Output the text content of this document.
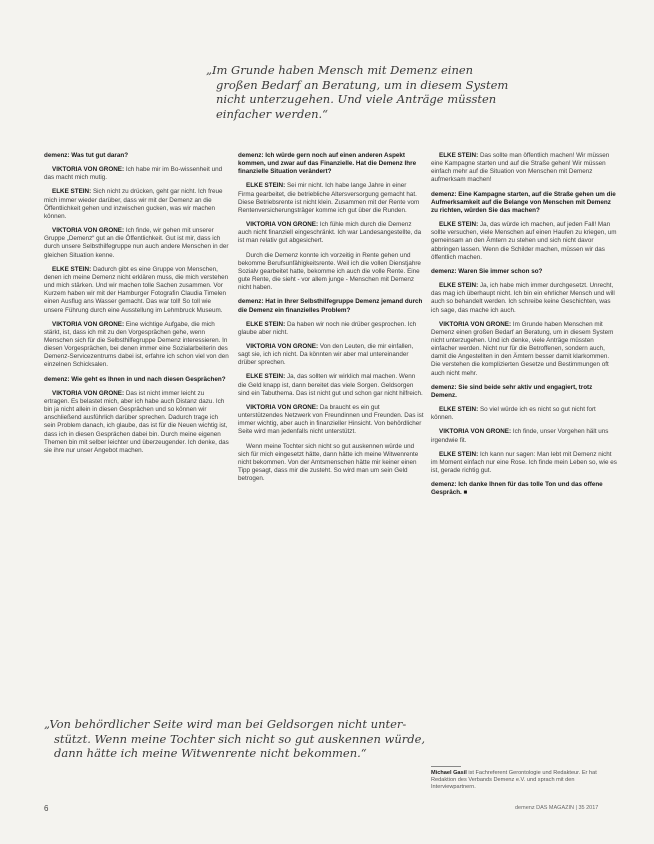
„Im Grunde haben Mensch mit Demenz einen
großen Bedarf an Beratung, um in diesem System
nicht unterzugehen. Und viele Anträge müssten
einfacher werden.“
demenz: Was tut gut daran?
VIKTORIA VON GRONE: Ich habe mir im Bo-wissenheit und das macht mich mutig.
ELKE STEIN: Sich nicht zu drücken, geht gar nicht. Ich freue mich immer wieder darüber, dass wir mit der Demenz an die Öffentlichkeit gehen und inzwischen gucken, was wir machen können.
VIKTORIA VON GRONE: Ich finde, wir gehen mit unserer Gruppe „Demenz“ gut an die Öffentlichkeit. Gut ist mir, dass ich durch unsere Selbsthilfegruppe nun auch andere Menschen in der gleichen Situation kenne.
ELKE STEIN: Dadurch gibt es eine Gruppe von Menschen, denen ich meine Demenz nicht erklären muss, die mich verstehen und mich stärken. Und wir machen tolle Sachen zusammen. Vor Kurzem haben wir mit der Hamburger Fotografin Claudia Timelen einen Ausflug ans Wasser gemacht. Das war toll! So toll wie unsere Führung durch eine Ausstellung im Lehmbruck Museum.
VIKTORIA VON GRONE: Eine wichtige Aufgabe, die mich stärkt, ist, dass ich mit zu den Vorgesprächen gehe, wenn Menschen sich für die Selbsthilfegruppe Demenz interessieren. In diesen Vorgesprächen, bei denen immer eine Sozialarbeiterin des Demenz-Servicezentrums dabei ist, erfahre ich schon viel von den einzelnen Schicksalen.
demenz: Wie geht es Ihnen in und nach diesen Gesprächen?
VIKTORIA VON GRONE: Das ist nicht immer leicht zu ertragen. Es belastet mich, aber ich habe auch Distanz dazu. Ich bin ja nicht allein in diesen Gesprächen und so können wir anschließend ausführlich darüber sprechen. Dadurch trage ich sein Problem danach, ich glaube, das ist für die Neuen wichtig ist, dass ich in diesen Gesprächen dabei bin. Durch meine eigenen Themen bin mit selber leichter und überzeugender. Ich denke, das sie ihre nur unser Angebot machen.
demenz: Ich würde gern noch auf einen anderen Aspekt kommen, und zwar auf das Finanzielle. Hat die Demenz Ihre finanzielle Situation verändert?
ELKE STEIN: Sei mir nicht. Ich habe lange Jahre in einer Firma gearbeitet, die betriebliche Altersversorgung gemacht hat. Diese Betriebsrente ist nicht klein. Zusammen mit der Rente vom Rentenversicherungsträger komme ich gut über die Runden.
VIKTORIA VON GRONE: Ich fühle mich durch die Demenz auch nicht finanziell eingeschränkt. Ich war Landesangestellte, da ist man relativ gut abgesichert.
Durch die Demenz konnte ich vorzeitig in Rente gehen und bekomme Berufsunfähigkeitsrente. Weil ich die vollen Dienstjahre Sozialv gearbeitet hatte, bekomme ich auch die volle Rente. Eine gute Rente, die sieht - vor allem junge - Menschen mit Demenz nicht haben.
demenz: Hat in Ihrer Selbsthilfegruppe Demenz jemand durch die Demenz ein finanzielles Problem?
ELKE STEIN: Da haben wir noch nie drüber gesprochen. Ich glaube aber nicht.
VIKTORIA VON GRONE: Von den Leuten, die mir einfallen, sagt sie, ich ich nicht. Da könnten wir aber mal untereinander drüber sprechen.
ELKE STEIN: Ja, das sollten wir wirklich mal machen. Wenn die Geld knapp ist, dann bereitet das viele Sorgen. Geldsorgen sind ein Tabuthema. Das ist nicht gut und schon gar nicht hilfreich.
VIKTORIA VON GRONE: Da braucht es ein gut unterstützendes Netzwerk von Freundinnen und Freunden. Das ist immer wichtig, aber auch in finanzieller Hinsicht. Von behördlicher Seite wird man jedenfalls nicht unterstützt.
Wenn meine Tochter sich nicht so gut auskennen würde und sich für mich eingesetzt hätte, dann hätte ich meine Witwenrente nicht bekommen. Von der Amtsmenschen hätte mir keiner einen Tipp gesagt, dass mir die zusteht. So wird man um sein Geld betrogen.
ELKE STEIN: Das sollte man öffentlich machen! Wir müssen eine Kampagne starten und auf die Straße gehen! Wir müssen einfach mehr auf die Situation von Menschen mit Demenz aufmerksam machen!
demenz: Eine Kampagne starten, auf die Straße gehen um die Aufmerksamkeit auf die Belange von Menschen mit Demenz zu richten, würden Sie das machen?
ELKE STEIN: Ja, das würde ich machen, auf jeden Fall! Man sollte versuchen, viele Menschen auf einen Haufen zu kriegen, um gemeinsam an den Ämtern zu stehen und sich nicht davor abbringen lassen. Wenn die Schilder machen, müssen wir das öffentlich machen.
demenz: Waren Sie immer schon so?
ELKE STEIN: Ja, ich habe mich immer durchgesetzt. Unrecht, das mag ich überhaupt nicht. Ich bin ein ehrlicher Mensch und will auch so behandelt werden. Ich schreibe keine Geschichten, was ich sage, das mache ich auch.
VIKTORIA VON GRONE: Im Grunde haben Menschen mit Demenz einen großen Bedarf an Beratung, um in diesem System nicht unterzugehen. Und ich denke, viele Anträge müssten einfacher werden. Nicht nur für die Betroffenen, sondern auch, damit die Angestellten in den Ämtern besser damit klarkommen. Die verstehen die komplizierten Gesetze und Bestimmungen oft auch nicht mehr.
demenz: Sie sind beide sehr aktiv und engagiert, trotz Demenz.
ELKE STEIN: So viel würde ich es nicht so gut nicht fort können.
VIKTORIA VON GRONE: Ich finde, unser Vorgehen hält uns irgendwie fit.
ELKE STEIN: Ich kann nur sagen: Man lebt mit Demenz nicht im Moment einfach nur eine Rose. Ich finde mein Leben so, wie es ist, gerade richtig gut.
demenz: Ich danke Ihnen für das tolle Ton und das offene Gespräch. ■
„Von behördlicher Seite wird man bei Geldsorgen nicht unter-
stützt. Wenn meine Tochter sich nicht so gut auskennen würde,
dann hätte ich meine Witwenrente nicht bekommen.“
Michael Gasil ist Fachreferent Gerontologie und Redakteur. Er hat Redaktion des Verbands Demenz e.V. und sprach mit den Interviewpartnern.
6	demenz DAS MAGAZIN | 35 2017
